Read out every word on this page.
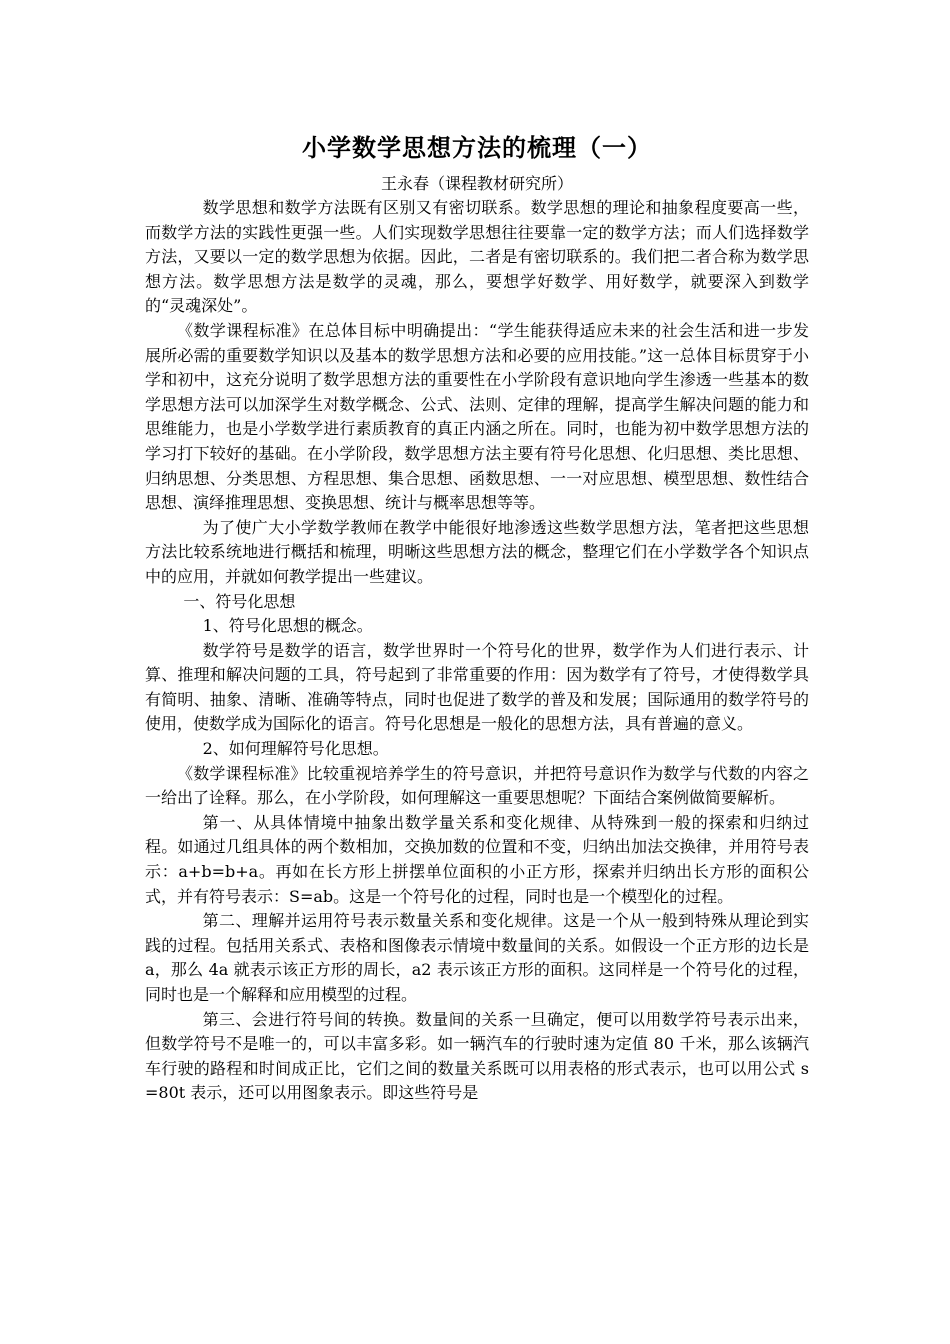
小学数学思想方法的梳理（一）
王永春（课程教材研究所）

数学思想和数学方法既有区别又有密切联系。数学思想的理论和抽象程度要高一些，而数学方法的实践性更强一些。人们实现数学思想往往要靠一定的数学方法；而人们选择数学方法，又要以一定的数学思想为依据。因此，二者是有密切联系的。我们把二者合称为数学思想方法。数学思想方法是数学的灵魂，那么，要想学好数学、用好数学，就要深入到数学的“灵魂深处”。

《数学课程标准》在总体目标中明确提出：“学生能获得适应未来的社会生活和进一步发展所必需的重要数学知识以及基本的数学思想方法和必要的应用技能。”这一总体目标贯穿于小学和初中，这充分说明了数学思想方法的重要性在小学阶段有意识地向学生渗透一些基本的数学思想方法可以加深学生对数学概念、公式、法则、定律的理解，提高学生解决问题的能力和思维能力，也是小学数学进行素质教育的真正内涵之所在。同时，也能为初中数学思想方法的学习打下较好的基础。在小学阶段，数学思想方法主要有符号化思想、化归思想、类比思想、归纳思想、分类思想、方程思想、集合思想、函数思想、一一对应思想、模型思想、数性结合思想、演绎推理思想、变换思想、统计与概率思想等等。

为了使广大小学数学教师在教学中能很好地渗透这些数学思想方法，笔者把这些思想方法比较系统地进行概括和梳理，明晰这些思想方法的概念，整理它们在小学数学各个知识点中的应用，并就如何教学提出一些建议。

一、符号化思想

1、符号化思想的概念。

数学符号是数学的语言，数学世界时一个符号化的世界，数学作为人们进行表示、计算、推理和解决问题的工具，符号起到了非常重要的作用：因为数学有了符号，才使得数学具有简明、抽象、清晰、准确等特点，同时也促进了数学的普及和发展；国际通用的数学符号的使用，使数学成为国际化的语言。符号化思想是一般化的思想方法，具有普遍的意义。

2、如何理解符号化思想。

《数学课程标准》比较重视培养学生的符号意识，并把符号意识作为数学与代数的内容之一给出了诠释。那么，在小学阶段，如何理解这一重要思想呢？下面结合案例做简要解析。

第一、从具体情境中抽象出数学量关系和变化规律、从特殊到一般的探索和归纳过程。如通过几组具体的两个数相加，交换加数的位置和不变，归纳出加法交换律，并用符号表示：a+b=b+a。再如在长方形上拼摆单位面积的小正方形，探索并归纳出长方形的面积公式，并有符号表示：S=ab。这是一个符号化的过程，同时也是一个模型化的过程。

第二、理解并运用符号表示数量关系和变化规律。这是一个从一般到特殊从理论到实践的过程。包括用关系式、表格和图像表示情境中数量间的关系。如假设一个正方形的边长是 a，那么 4a 就表示该正方形的周长，a2 表示该正方形的面积。这同样是一个符号化的过程，同时也是一个解释和应用模型的过程。

第三、会进行符号间的转换。数量间的关系一旦确定，便可以用数学符号表示出来，但数学符号不是唯一的，可以丰富多彩。如一辆汽车的行驶时速为定值 80 千米，那么该辆汽车行驶的路程和时间成正比，它们之间的数量关系既可以用表格的形式表示，也可以用公式 s=80t 表示，还可以用图象表示。即这些符号是
